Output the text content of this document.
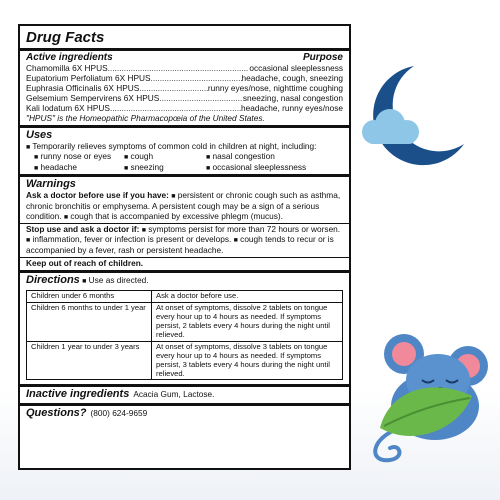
Drug Facts
Active ingredients	Purpose
Chamomilla 6X HPUS .....	occasional sleeplessness
Eupatorium Perfoliatum 6X HPUS .....	headache, cough, sneezing
Euphrasia Officinalis 6X HPUS .....	runny eyes/nose, nighttime coughing
Gelsemium Sempervirens 6X HPUS .....	sneezing, nasal congestion
Kali Iodatum 6X HPUS .....	headache, runny eyes/nose
"HPUS" is the Homeopathic Pharmacopœia of the United States.
Uses
■ Temporarily relieves symptoms of common cold in children at night, including:
■ runny nose or eyes	■ cough	■ nasal congestion
■ headache	■ sneezing	■ occasional sleeplessness
Warnings
Ask a doctor before use if you have: ■ persistent or chronic cough such as asthma, chronic bronchitis or emphysema. A persistent cough may be a sign of a serious condition. ■ cough that is accompanied by excessive phlegm (mucus).
Stop use and ask a doctor if: ■ symptoms persist for more than 72 hours or worsen. ■ inflammation, fever or infection is present or develops. ■ cough tends to recur or is accompanied by a fever, rash or persistent headache.
Keep out of reach of children.
Directions ■ Use as directed.
Children under 6 months	Ask a doctor before use.
Children 6 months to under 1 year	At onset of symptoms, dissolve 2 tablets on tongue every hour up to 4 hours as needed. If symptoms persist, 2 tablets every 4 hours during the night until relieved.
Children 1 year to under 3 years	At onset of symptoms, dissolve 3 tablets on tongue every hour up to 4 hours as needed. If symptoms persist, 3 tablets every 4 hours during the night until relieved.
Inactive ingredients Acacia Gum, Lactose.
Questions? (800) 624-9659
